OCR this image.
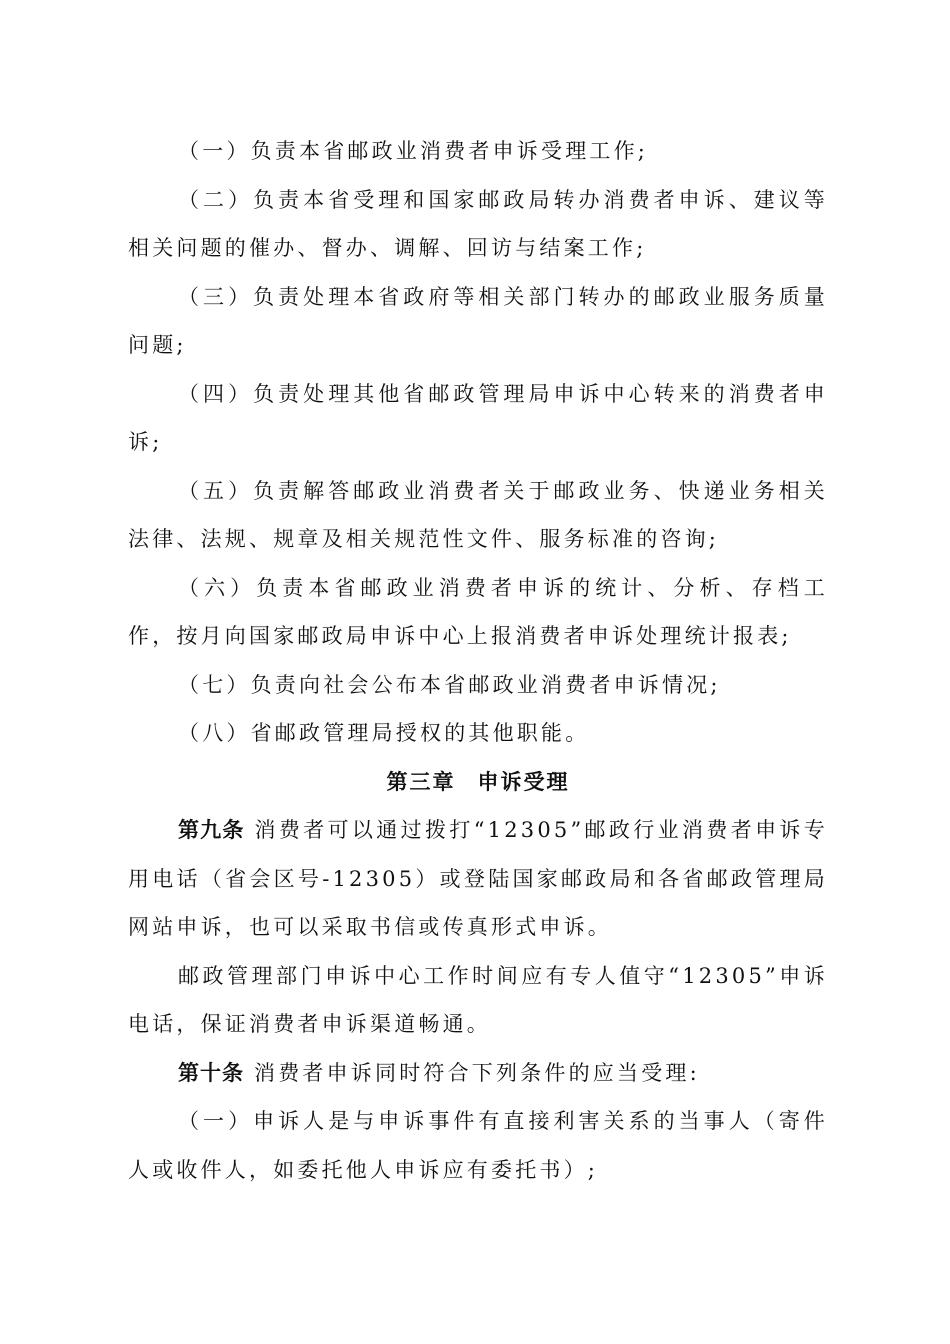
（一）负责本省邮政业消费者申诉受理工作;

（二）负责本省受理和国家邮政局转办消费者申诉、建议等相关问题的催办、督办、调解、回访与结案工作;

（三）负责处理本省政府等相关部门转办的邮政业服务质量问题;

（四）负责处理其他省邮政管理局申诉中心转来的消费者申诉;

（五）负责解答邮政业消费者关于邮政业务、快递业务相关法律、法规、规章及相关规范性文件、服务标准的咨询;

（六）负责本省邮政业消费者申诉的统计、分析、存档工作，按月向国家邮政局申诉中心上报消费者申诉处理统计报表;

（七）负责向社会公布本省邮政业消费者申诉情况;

（八）省邮政管理局授权的其他职能。

第三章 申诉受理

第九条 消费者可以通过拨打“12305”邮政行业消费者申诉专用电话（省会区号-12305）或登陆国家邮政局和各省邮政管理局网站申诉，也可以采取书信或传真形式申诉。

邮政管理部门申诉中心工作时间应有专人值守“12305”申诉电话，保证消费者申诉渠道畅通。

第十条 消费者申诉同时符合下列条件的应当受理:

（一）申诉人是与申诉事件有直接利害关系的当事人（寄件人或收件人，如委托他人申诉应有委托书）;
